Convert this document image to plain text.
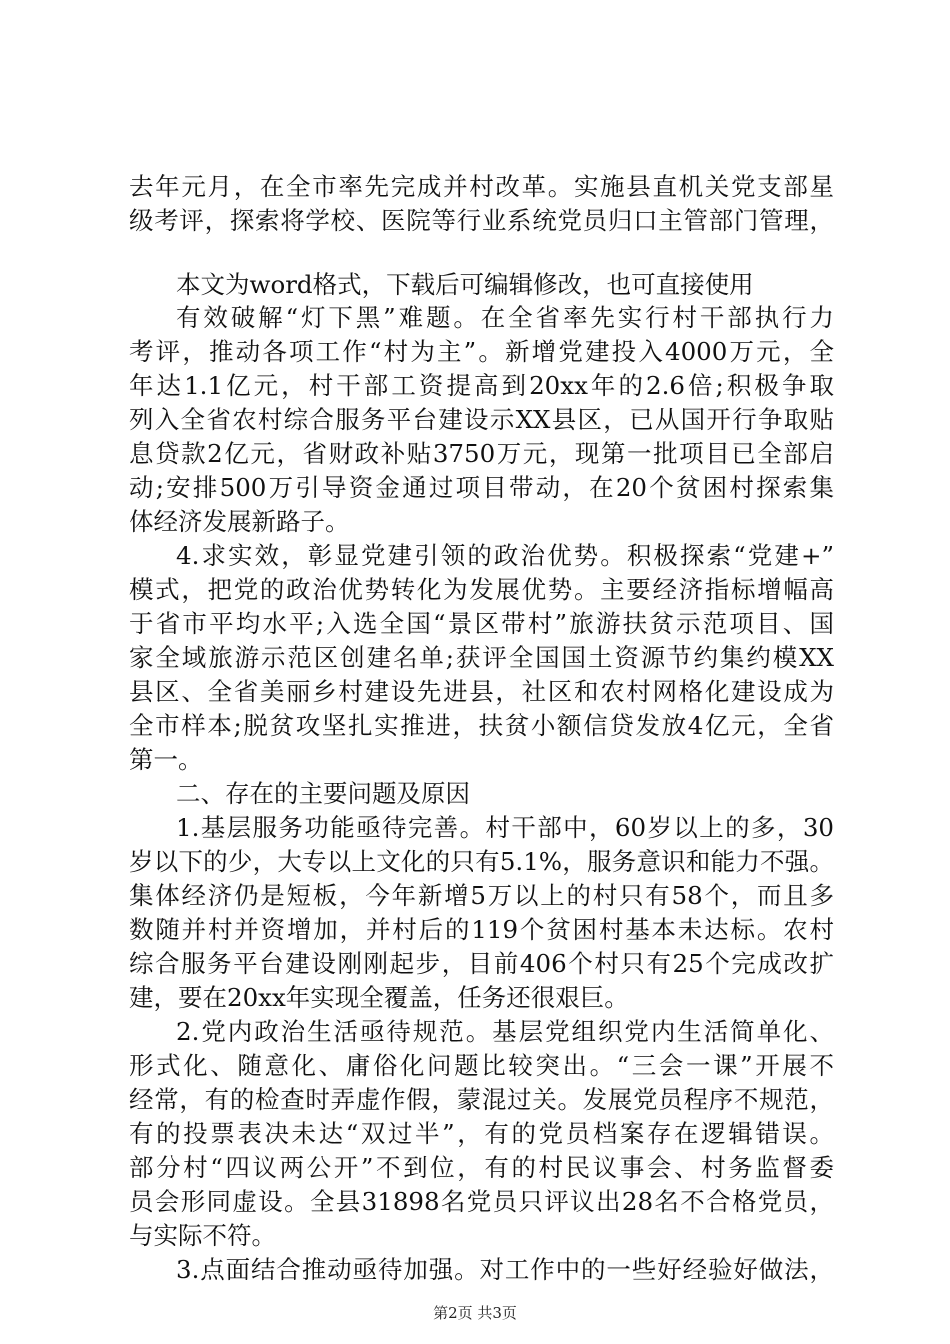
去年元月，在全市率先完成并村改革。实施县直机关党支部星
级考评，探索将学校、医院等行业系统党员归口主管部门管理，
本文为word格式，下载后可编辑修改，也可直接使用
有效破解“灯下黑”难题。在全省率先实行村干部执行力
考评，推动各项工作“村为主”。新增党建投入4000万元，全
年达1.1亿元，村干部工资提高到20xx年的2.6倍;积极争取
列入全省农村综合服务平台建设示XX县区，已从国开行争取贴
息贷款2亿元，省财政补贴3750万元，现第一批项目已全部启
动;安排500万引导资金通过项目带动，在20个贫困村探索集
体经济发展新路子。
4.求实效，彰显党建引领的政治优势。积极探索“党建+”
模式，把党的政治优势转化为发展优势。主要经济指标增幅高
于省市平均水平;入选全国“景区带村”旅游扶贫示范项目、国
家全域旅游示范区创建名单;获评全国国土资源节约集约模XX
县区、全省美丽乡村建设先进县，社区和农村网格化建设成为
全市样本;脱贫攻坚扎实推进，扶贫小额信贷发放4亿元，全省
第一。
二、存在的主要问题及原因
1.基层服务功能亟待完善。村干部中，60岁以上的多，30
岁以下的少，大专以上文化的只有5.1%，服务意识和能力不强。
集体经济仍是短板，今年新增5万以上的村只有58个，而且多
数随并村并资增加，并村后的119个贫困村基本未达标。农村
综合服务平台建设刚刚起步，目前406个村只有25个完成改扩
建，要在20xx年实现全覆盖，任务还很艰巨。
2.党内政治生活亟待规范。基层党组织党内生活简单化、
形式化、随意化、庸俗化问题比较突出。“三会一课”开展不
经常，有的检查时弄虚作假，蒙混过关。发展党员程序不规范，
有的投票表决未达“双过半”，有的党员档案存在逻辑错误。
部分村“四议两公开”不到位，有的村民议事会、村务监督委
员会形同虚设。全县31898名党员只评议出28名不合格党员，
与实际不符。
3.点面结合推动亟待加强。对工作中的一些好经验好做法，
第2页 共3页
